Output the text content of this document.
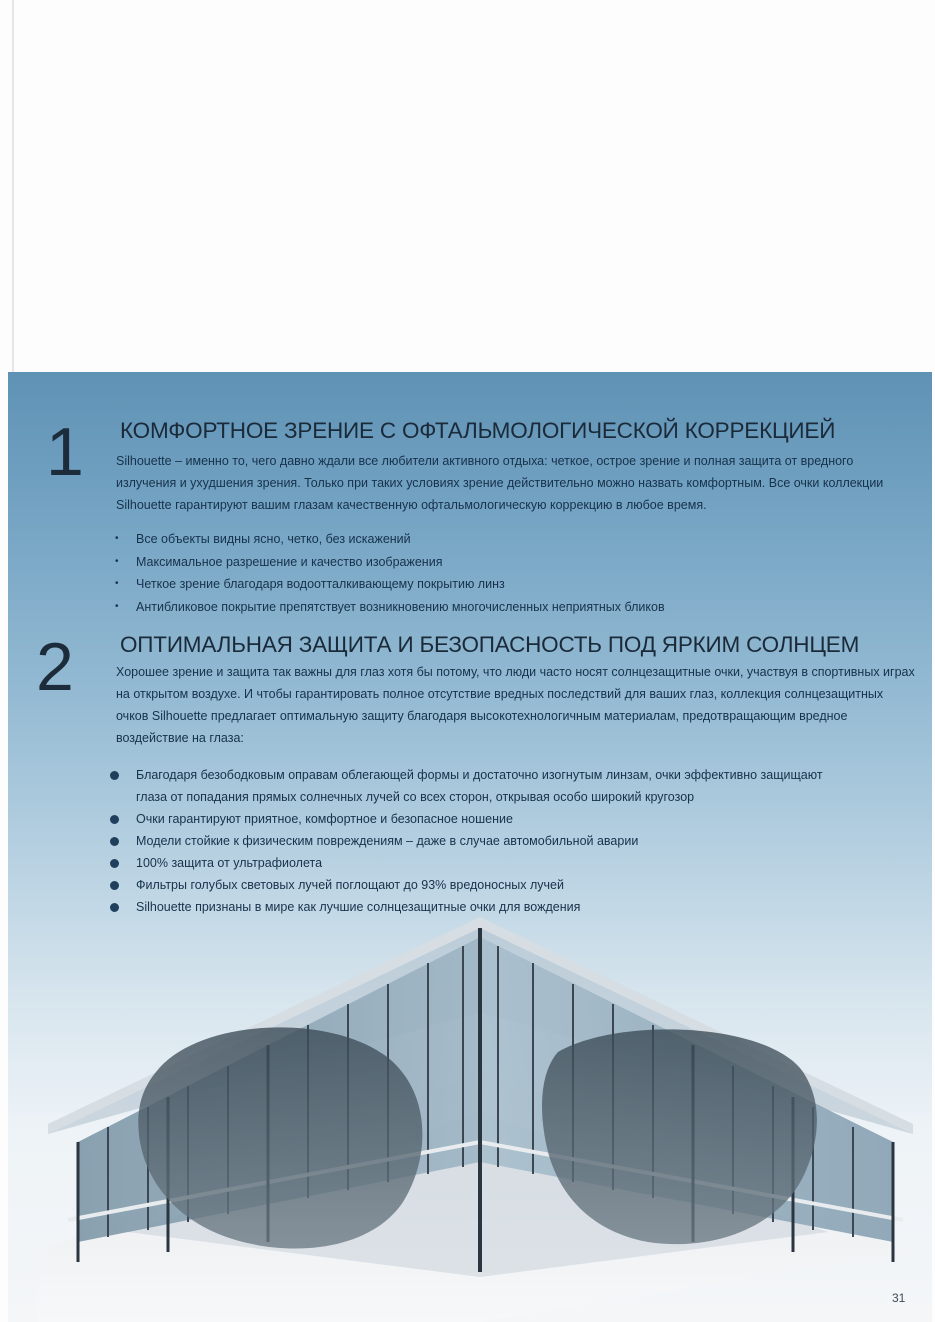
1 КОМФОРТНОЕ ЗРЕНИЕ С ОФТАЛЬМОЛОГИЧЕСКОЙ КОРРЕКЦИЕЙ

Silhouette – именно то, чего давно ждали все любители активного отдыха: четкое, острое зрение и полная защита от вредного излучения и ухудшения зрения. Только при таких условиях зрение действительно можно назвать комфортным. Все очки коллекции Silhouette гарантируют вашим глазам качественную офтальмологическую коррекцию в любое время.

• Все объекты видны ясно, четко, без искажений
• Максимальное разрешение и качество изображения
• Четкое зрение благодаря водоотталкивающему покрытию линз
• Антибликовое покрытие препятствует возникновению многочисленных неприятных бликов
2 ОПТИМАЛЬНАЯ ЗАЩИТА И БЕЗОПАСНОСТЬ ПОД ЯРКИМ СОЛНЦЕМ

Хорошее зрение и защита так важны для глаз хотя бы потому, что люди часто носят солнцезащитные очки, участвуя в спортивных играх на открытом воздухе. И чтобы гарантировать полное отсутствие вредных последствий для ваших глаз, коллекция солнцезащитных очков Silhouette предлагает оптимальную защиту благодаря высокотехнологичным материалам, предотвращающим вредное воздействие на глаза:

Благодаря безободковым оправам облегающей формы и достаточно изогнутым линзам, очки эффективно защищают глаза от попадания прямых солнечных лучей со всех сторон, открывая особо широкий кругозор
Очки гарантируют приятное, комфортное и безопасное ношение
Модели стойкие к физическим повреждениям – даже в случае автомобильной аварии
100% защита от ультрафиолета
Фильтры голубых световых лучей поглощают до 93% вредоносных лучей
Silhouette признаны в мире как лучшие солнцезащитные очки для вождения
31
